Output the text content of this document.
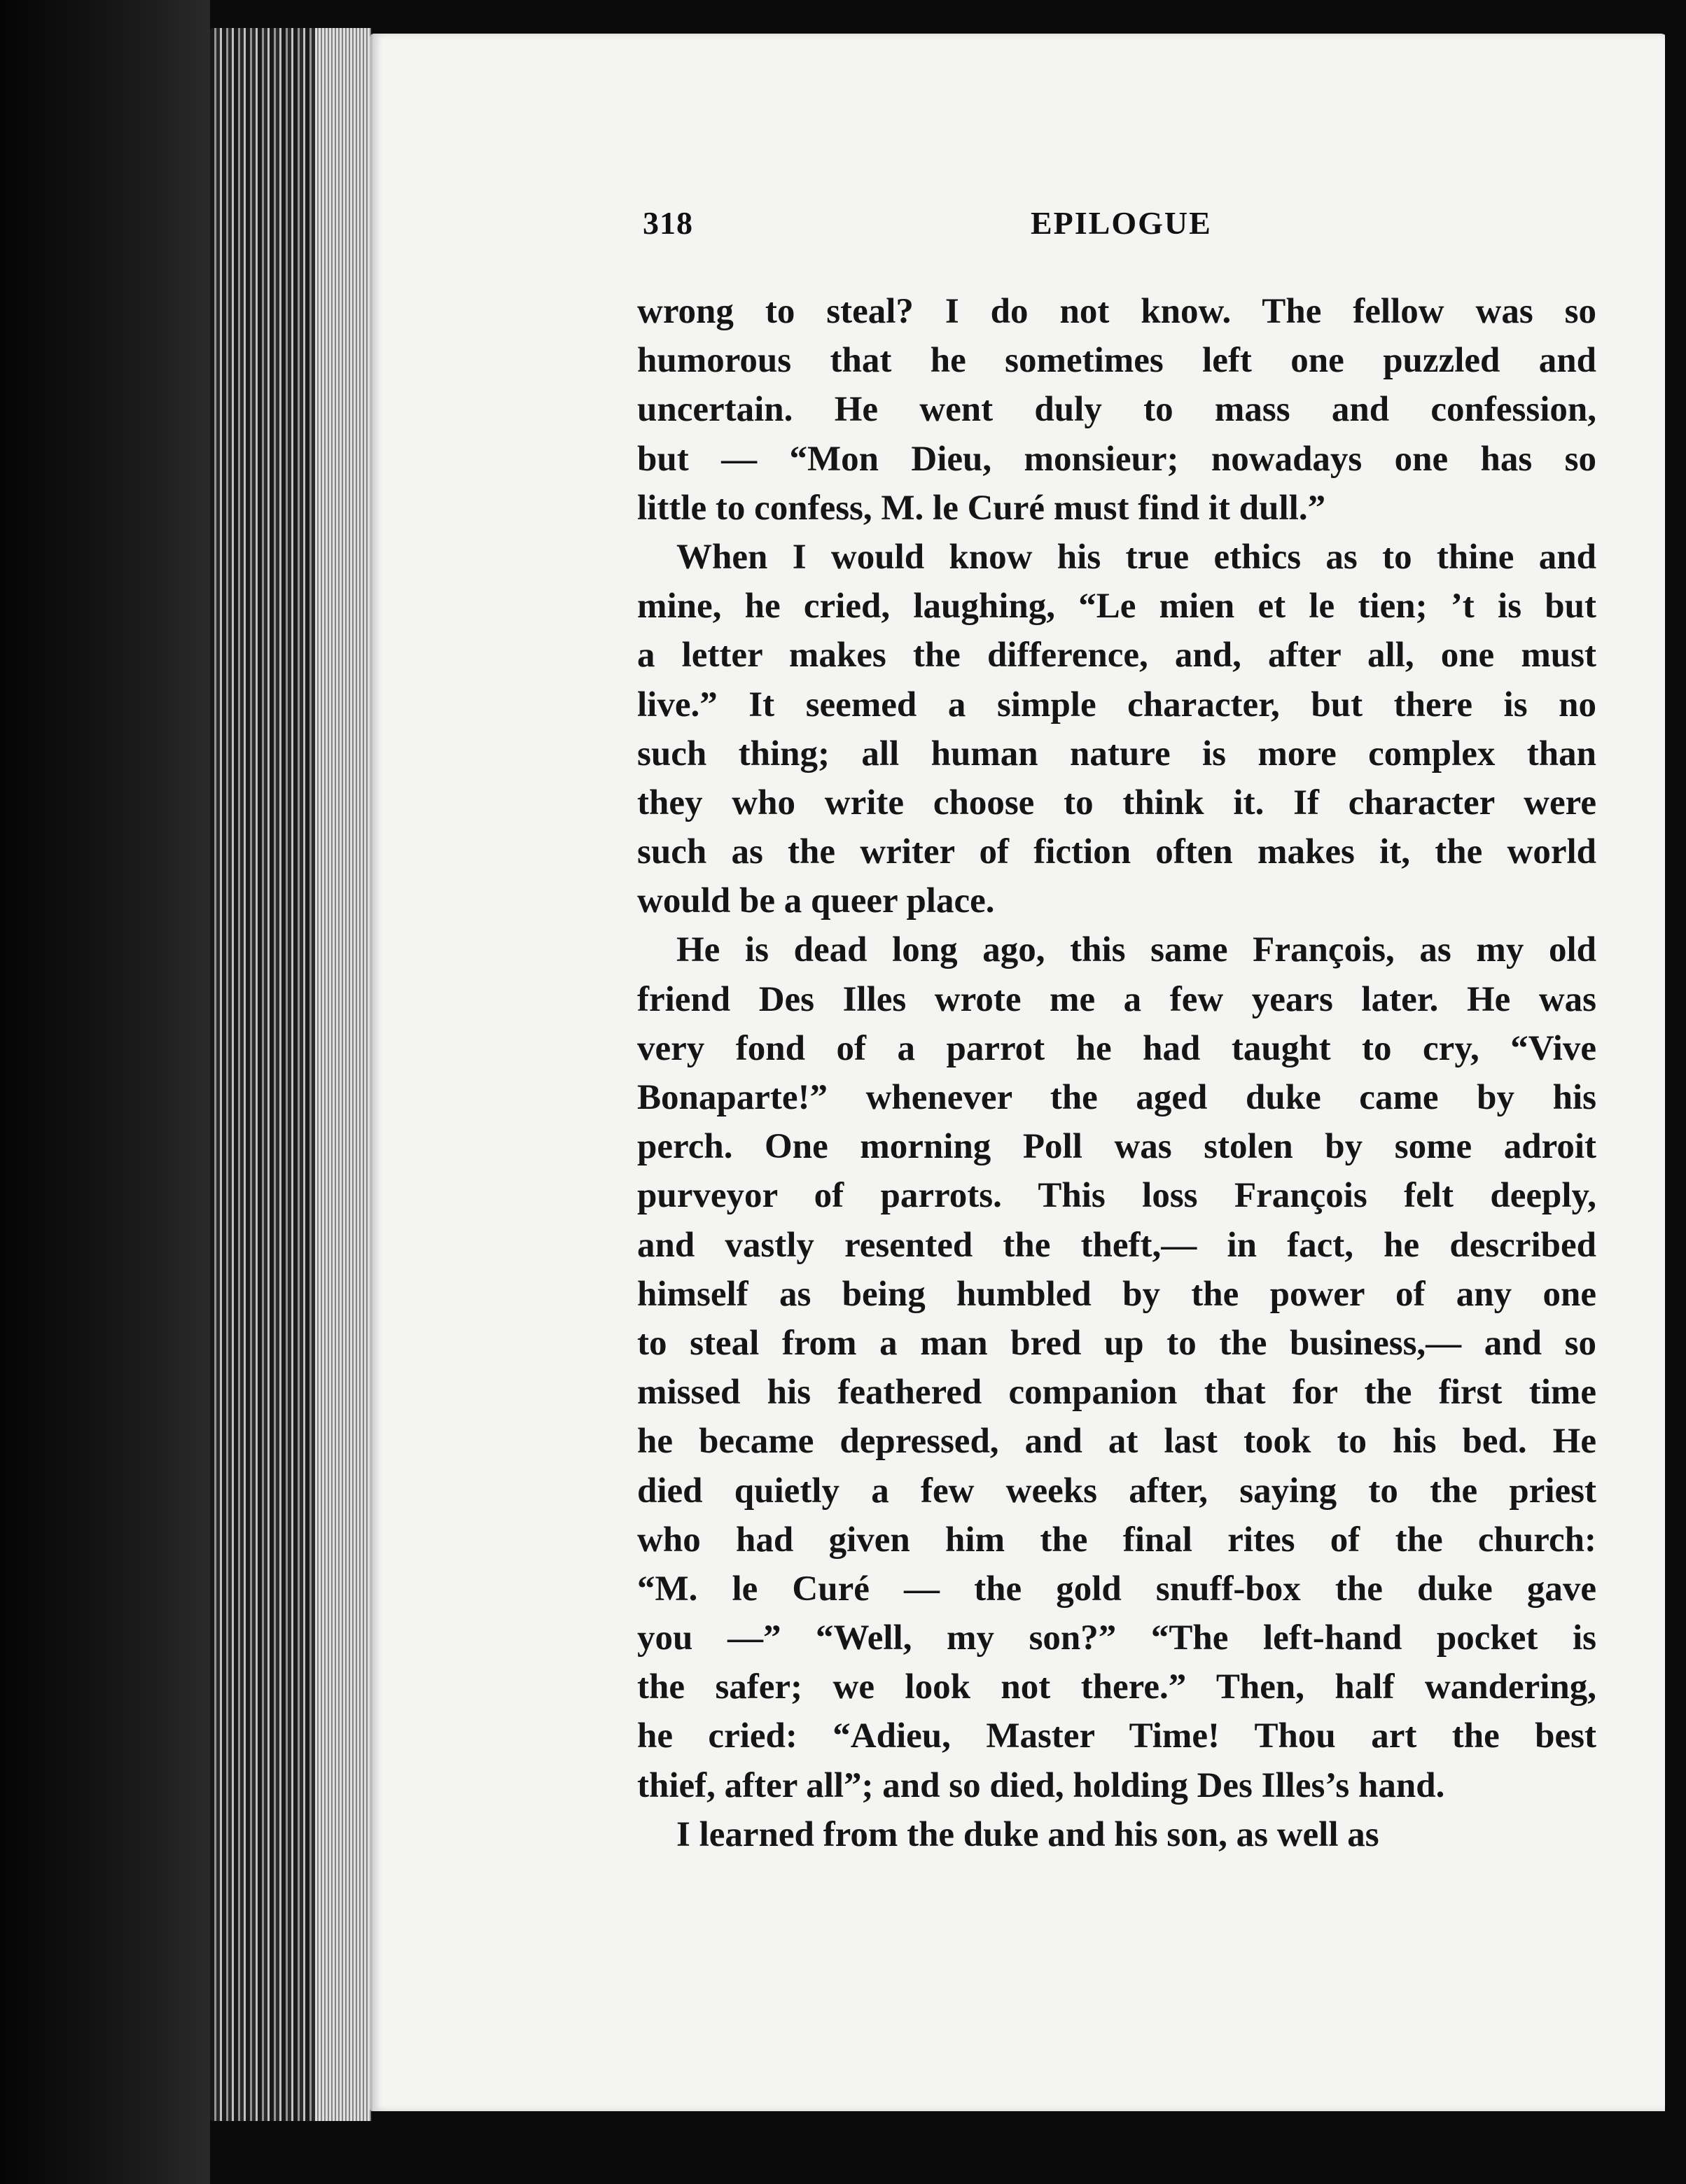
318	EPILOGUE
wrong to steal? I do not know. The fellow was so
humorous that he sometimes left one puzzled and
uncertain. He went duly to mass and confession,
but — “Mon Dieu, monsieur; nowadays one has so
little to confess, M. le Curé must find it dull.”
When I would know his true ethics as to thine and
mine, he cried, laughing, “Le mien et le tien; ’t is but
a letter makes the difference, and, after all, one must
live.” It seemed a simple character, but there is no
such thing; all human nature is more complex than
they who write choose to think it. If character were
such as the writer of fiction often makes it, the world
would be a queer place.
He is dead long ago, this same François, as my old
friend Des Illes wrote me a few years later. He was
very fond of a parrot he had taught to cry, “Vive
Bonaparte!” whenever the aged duke came by his
perch. One morning Poll was stolen by some adroit
purveyor of parrots. This loss François felt deeply,
and vastly resented the theft,— in fact, he described
himself as being humbled by the power of any one
to steal from a man bred up to the business,— and so
missed his feathered companion that for the first time
he became depressed, and at last took to his bed. He
died quietly a few weeks after, saying to the priest
who had given him the final rites of the church:
“M. le Curé — the gold snuff-box the duke gave
you —” “Well, my son?” “The left-hand pocket is
the safer; we look not there.” Then, half wandering,
he cried: “Adieu, Master Time! Thou art the best
thief, after all”; and so died, holding Des Illes’s hand.
I learned from the duke and his son, as well as
